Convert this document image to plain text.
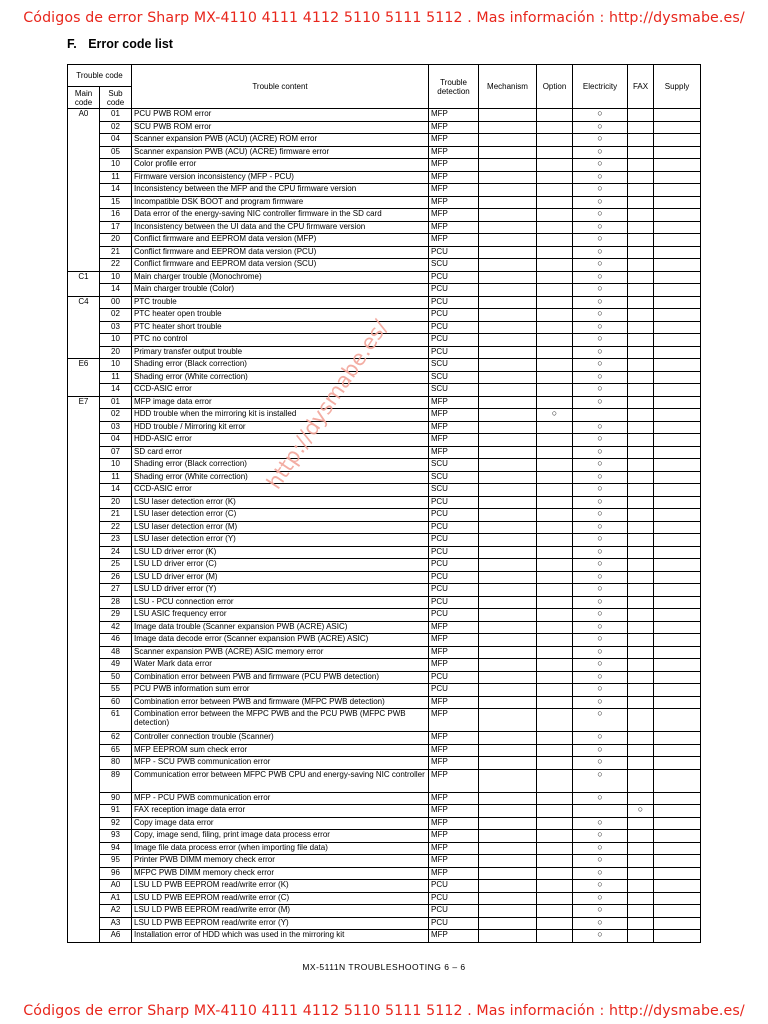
Códigos de error Sharp MX-4110 4111 4112 5110 5111 5112 . Mas información : http://dysmabe.es/
F. Error code list
Trouble code		Trouble content	Trouble detection	Mechanism	Option	Electricity	FAX	Supply
Main code	Sub code							
A0	01	PCU PWB ROM error	MFP			○		
	02	SCU PWB ROM error	MFP			○		
	04	Scanner expansion PWB (ACU) (ACRE) ROM error	MFP			○		
	05	Scanner expansion PWB (ACU) (ACRE) firmware error	MFP			○		
	10	Color profile error	MFP			○		
	11	Firmware version inconsistency (MFP - PCU)	MFP			○		
	14	Inconsistency between the MFP and the CPU firmware version	MFP			○		
	15	Incompatible DSK BOOT and program firmware	MFP			○		
	16	Data error of the energy-saving NIC controller firmware in the SD card	MFP			○		
	17	Inconsistency between the UI data and the CPU firmware version	MFP			○		
	20	Conflict firmware and EEPROM data version (MFP)	MFP			○		
	21	Conflict firmware and EEPROM data version (PCU)	PCU			○		
	22	Conflict firmware and EEPROM data version (SCU)	SCU			○		
C1	10	Main charger trouble (Monochrome)	PCU			○		
	14	Main charger trouble (Color)	PCU			○		
C4	00	PTC trouble	PCU			○		
	02	PTC heater open trouble	PCU			○		
	03	PTC heater short trouble	PCU			○		
	10	PTC no control	PCU			○		
	20	Primary transfer output trouble	PCU			○		
E6	10	Shading error (Black correction)	SCU			○		
	11	Shading error (White correction)	SCU			○		
	14	CCD-ASIC error	SCU			○		
E7	01	MFP image data error	MFP			○		
	02	HDD trouble when the mirroring kit is installed	MFP		○			
	03	HDD trouble / Mirroring kit error	MFP			○		
	04	HDD-ASIC error	MFP			○		
	07	SD card error	MFP			○		
	10	Shading error (Black correction)	SCU			○		
	11	Shading error (White correction)	SCU			○		
	14	CCD-ASIC error	SCU			○		
	20	LSU laser detection error (K)	PCU			○		
	21	LSU laser detection error (C)	PCU			○		
	22	LSU laser detection error (M)	PCU			○		
	23	LSU laser detection error (Y)	PCU			○		
	24	LSU LD driver error (K)	PCU			○		
	25	LSU LD driver error (C)	PCU			○		
	26	LSU LD driver error (M)	PCU			○		
	27	LSU LD driver error (Y)	PCU			○		
	28	LSU - PCU connection error	PCU			○		
	29	LSU ASIC frequency error	PCU			○		
	42	Image data trouble (Scanner expansion PWB (ACRE) ASIC)	MFP			○		
	46	Image data decode error (Scanner expansion PWB (ACRE) ASIC)	MFP			○		
	48	Scanner expansion PWB (ACRE) ASIC memory error	MFP			○		
	49	Water Mark data error	MFP			○		
	50	Combination error between PWB and firmware (PCU PWB detection)	PCU			○		
	55	PCU PWB information sum error	PCU			○		
	60	Combination error between PWB and firmware (MFPC PWB detection)	MFP			○		
	61	Combination error between the MFPC PWB and the PCU PWB (MFPC PWB detection)	MFP			○		
	62	Controller connection trouble (Scanner)	MFP			○		
	65	MFP EEPROM sum check error	MFP			○		
	80	MFP - SCU PWB communication error	MFP			○		
	89	Communication error between MFPC PWB CPU and energy-saving NIC controller	MFP			○		
	90	MFP - PCU PWB communication error	MFP			○		
	91	FAX reception image data error	MFP				○	
	92	Copy image data error	MFP			○		
	93	Copy, image send, filing, print image data process error	MFP			○		
	94	Image file data process error (when importing file data)	MFP			○		
	95	Printer PWB DIMM memory check error	MFP			○		
	96	MFPC PWB DIMM memory check error	MFP			○		
	A0	LSU LD PWB EEPROM read/write error (K)	PCU			○		
	A1	LSU LD PWB EEPROM read/write error (C)	PCU			○		
	A2	LSU LD PWB EEPROM read/write error (M)	PCU			○		
	A3	LSU LD PWB EEPROM read/write error (Y)	PCU			○		
	A6	Installation error of HDD which was used in the mirroring kit	MFP			○		
MX-5111N TROUBLESHOOTING 6 – 6
Códigos de error Sharp MX-4110 4111 4112 5110 5111 5112 . Mas información : http://dysmabe.es/
http://dysmabe.es/
